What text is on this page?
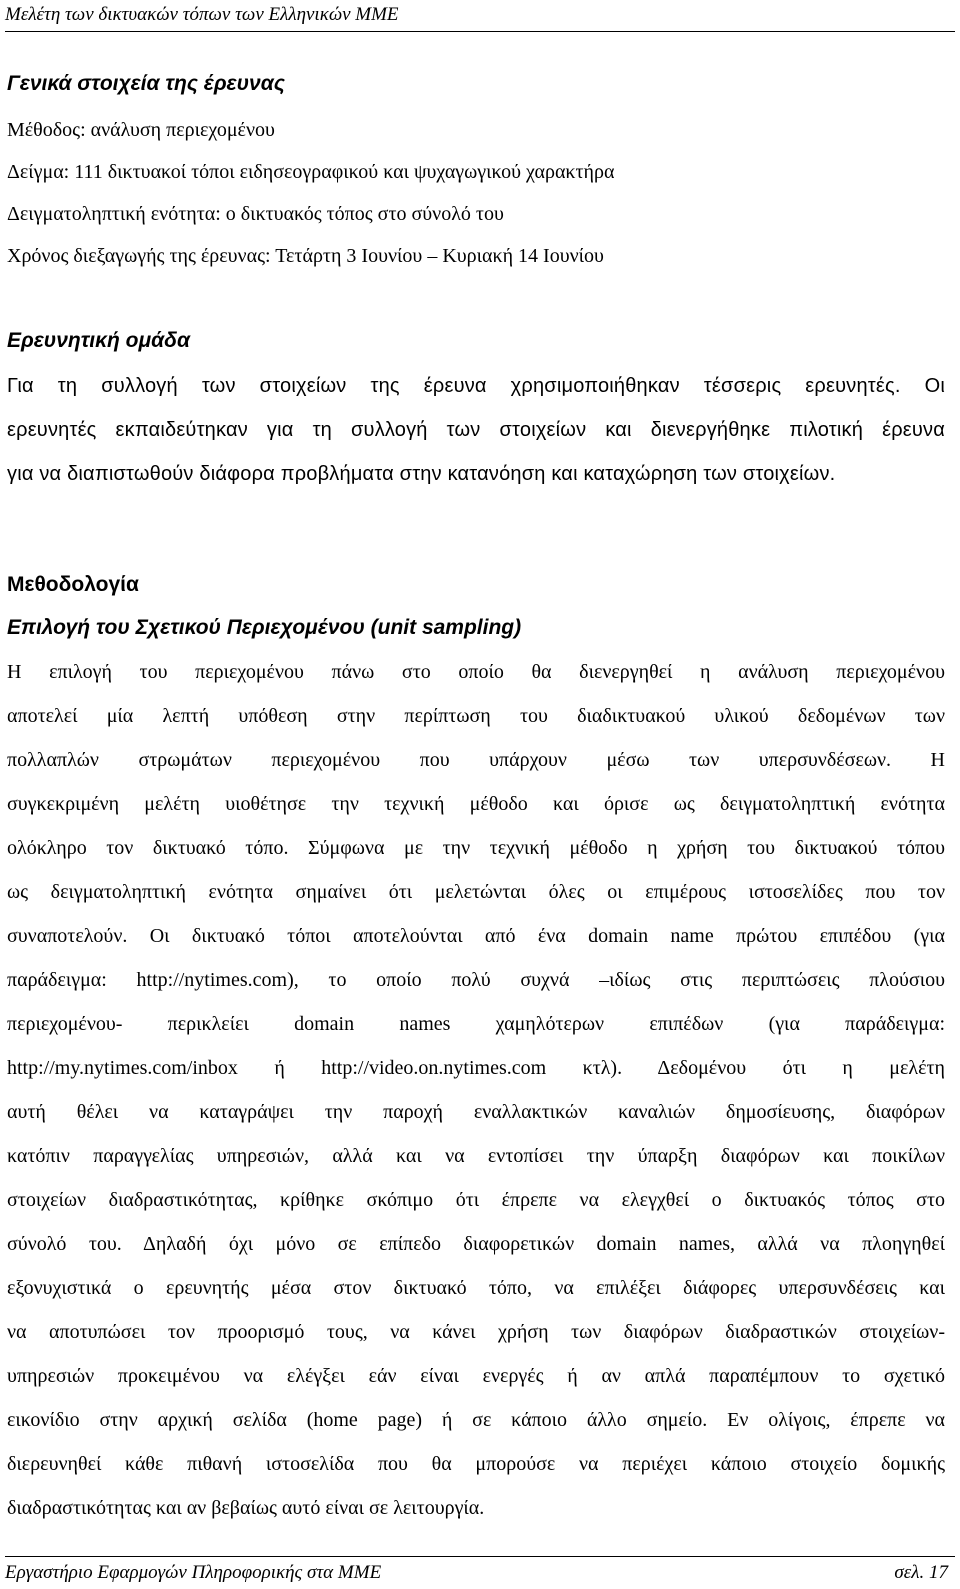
Μελέτη των δικτυακών τόπων των Ελληνικών ΜΜΕ
Γενικά στοιχεία της έρευνας
Μέθοδος: ανάλυση περιεχομένου
Δείγμα: 111 δικτυακοί τόποι ειδησεογραφικού και ψυχαγωγικού χαρακτήρα
Δειγματοληπτική ενότητα: ο δικτυακός τόπος στο σύνολό του
Χρόνος διεξαγωγής της έρευνας: Τετάρτη 3 Ιουνίου – Κυριακή 14 Ιουνίου
Ερευνητική ομάδα
Για τη συλλογή των στοιχείων της έρευνα χρησιμοποιήθηκαν τέσσερις ερευνητές. Οι
ερευνητές εκπαιδεύτηκαν για τη συλλογή των στοιχείων και διενεργήθηκε πιλοτική έρευνα
για να διαπιστωθούν διάφορα προβλήματα στην κατανόηση και καταχώρηση των στοιχείων.
Μεθοδολογία
Επιλογή του Σχετικού Περιεχομένου (unit sampling)
Η επιλογή του περιεχομένου πάνω στο οποίο θα διενεργηθεί η ανάλυση περιεχομένου
αποτελεί μία λεπτή υπόθεση στην περίπτωση του διαδικτυακού υλικού δεδομένων των
πολλαπλών στρωμάτων περιεχομένου που υπάρχουν μέσω των υπερσυνδέσεων. Η
συγκεκριμένη μελέτη υιοθέτησε την τεχνική μέθοδο και όρισε ως δειγματοληπτική ενότητα
ολόκληρο τον δικτυακό τόπο. Σύμφωνα με την τεχνική μέθοδο η χρήση του δικτυακού τόπου
ως δειγματοληπτική ενότητα σημαίνει ότι μελετώνται όλες οι επιμέρους ιστοσελίδες που τον
συναποτελούν. Οι δικτυακό τόποι αποτελούνται από ένα domain name πρώτου επιπέδου (για
παράδειγμα: http://nytimes.com), το οποίο πολύ συχνά –ιδίως στις περιπτώσεις πλούσιου
περιεχομένου- περικλείει domain names χαμηλότερων επιπέδων (για παράδειγμα:
http://my.nytimes.com/inbox ή http://video.on.nytimes.com κτλ). Δεδομένου ότι η μελέτη
αυτή θέλει να καταγράψει την παροχή εναλλακτικών καναλιών δημοσίευσης, διαφόρων
κατόπιν παραγγελίας υπηρεσιών, αλλά και να εντοπίσει την ύπαρξη διαφόρων και ποικίλων
στοιχείων διαδραστικότητας, κρίθηκε σκόπιμο ότι έπρεπε να ελεγχθεί ο δικτυακός τόπος στο
σύνολό του. Δηλαδή όχι μόνο σε επίπεδο διαφορετικών domain names, αλλά να πλοηγηθεί
εξονυχιστικά ο ερευνητής μέσα στον δικτυακό τόπο, να επιλέξει διάφορες υπερσυνδέσεις και
να αποτυπώσει τον προορισμό τους, να κάνει χρήση των διαφόρων διαδραστικών στοιχείων-
υπηρεσιών προκειμένου να ελέγξει εάν είναι ενεργές ή αν απλά παραπέμπουν το σχετικό
εικονίδιο στην αρχική σελίδα (home page) ή σε κάποιο άλλο σημείο. Εν ολίγοις, έπρεπε να
διερευνηθεί κάθε πιθανή ιστοσελίδα που θα μπορούσε να περιέχει κάποιο στοιχείο δομικής
διαδραστικότητας και αν βεβαίως αυτό είναι σε λειτουργία.
Εργαστήριο Εφαρμογών Πληροφορικής στα ΜΜΕ	σελ. 17
